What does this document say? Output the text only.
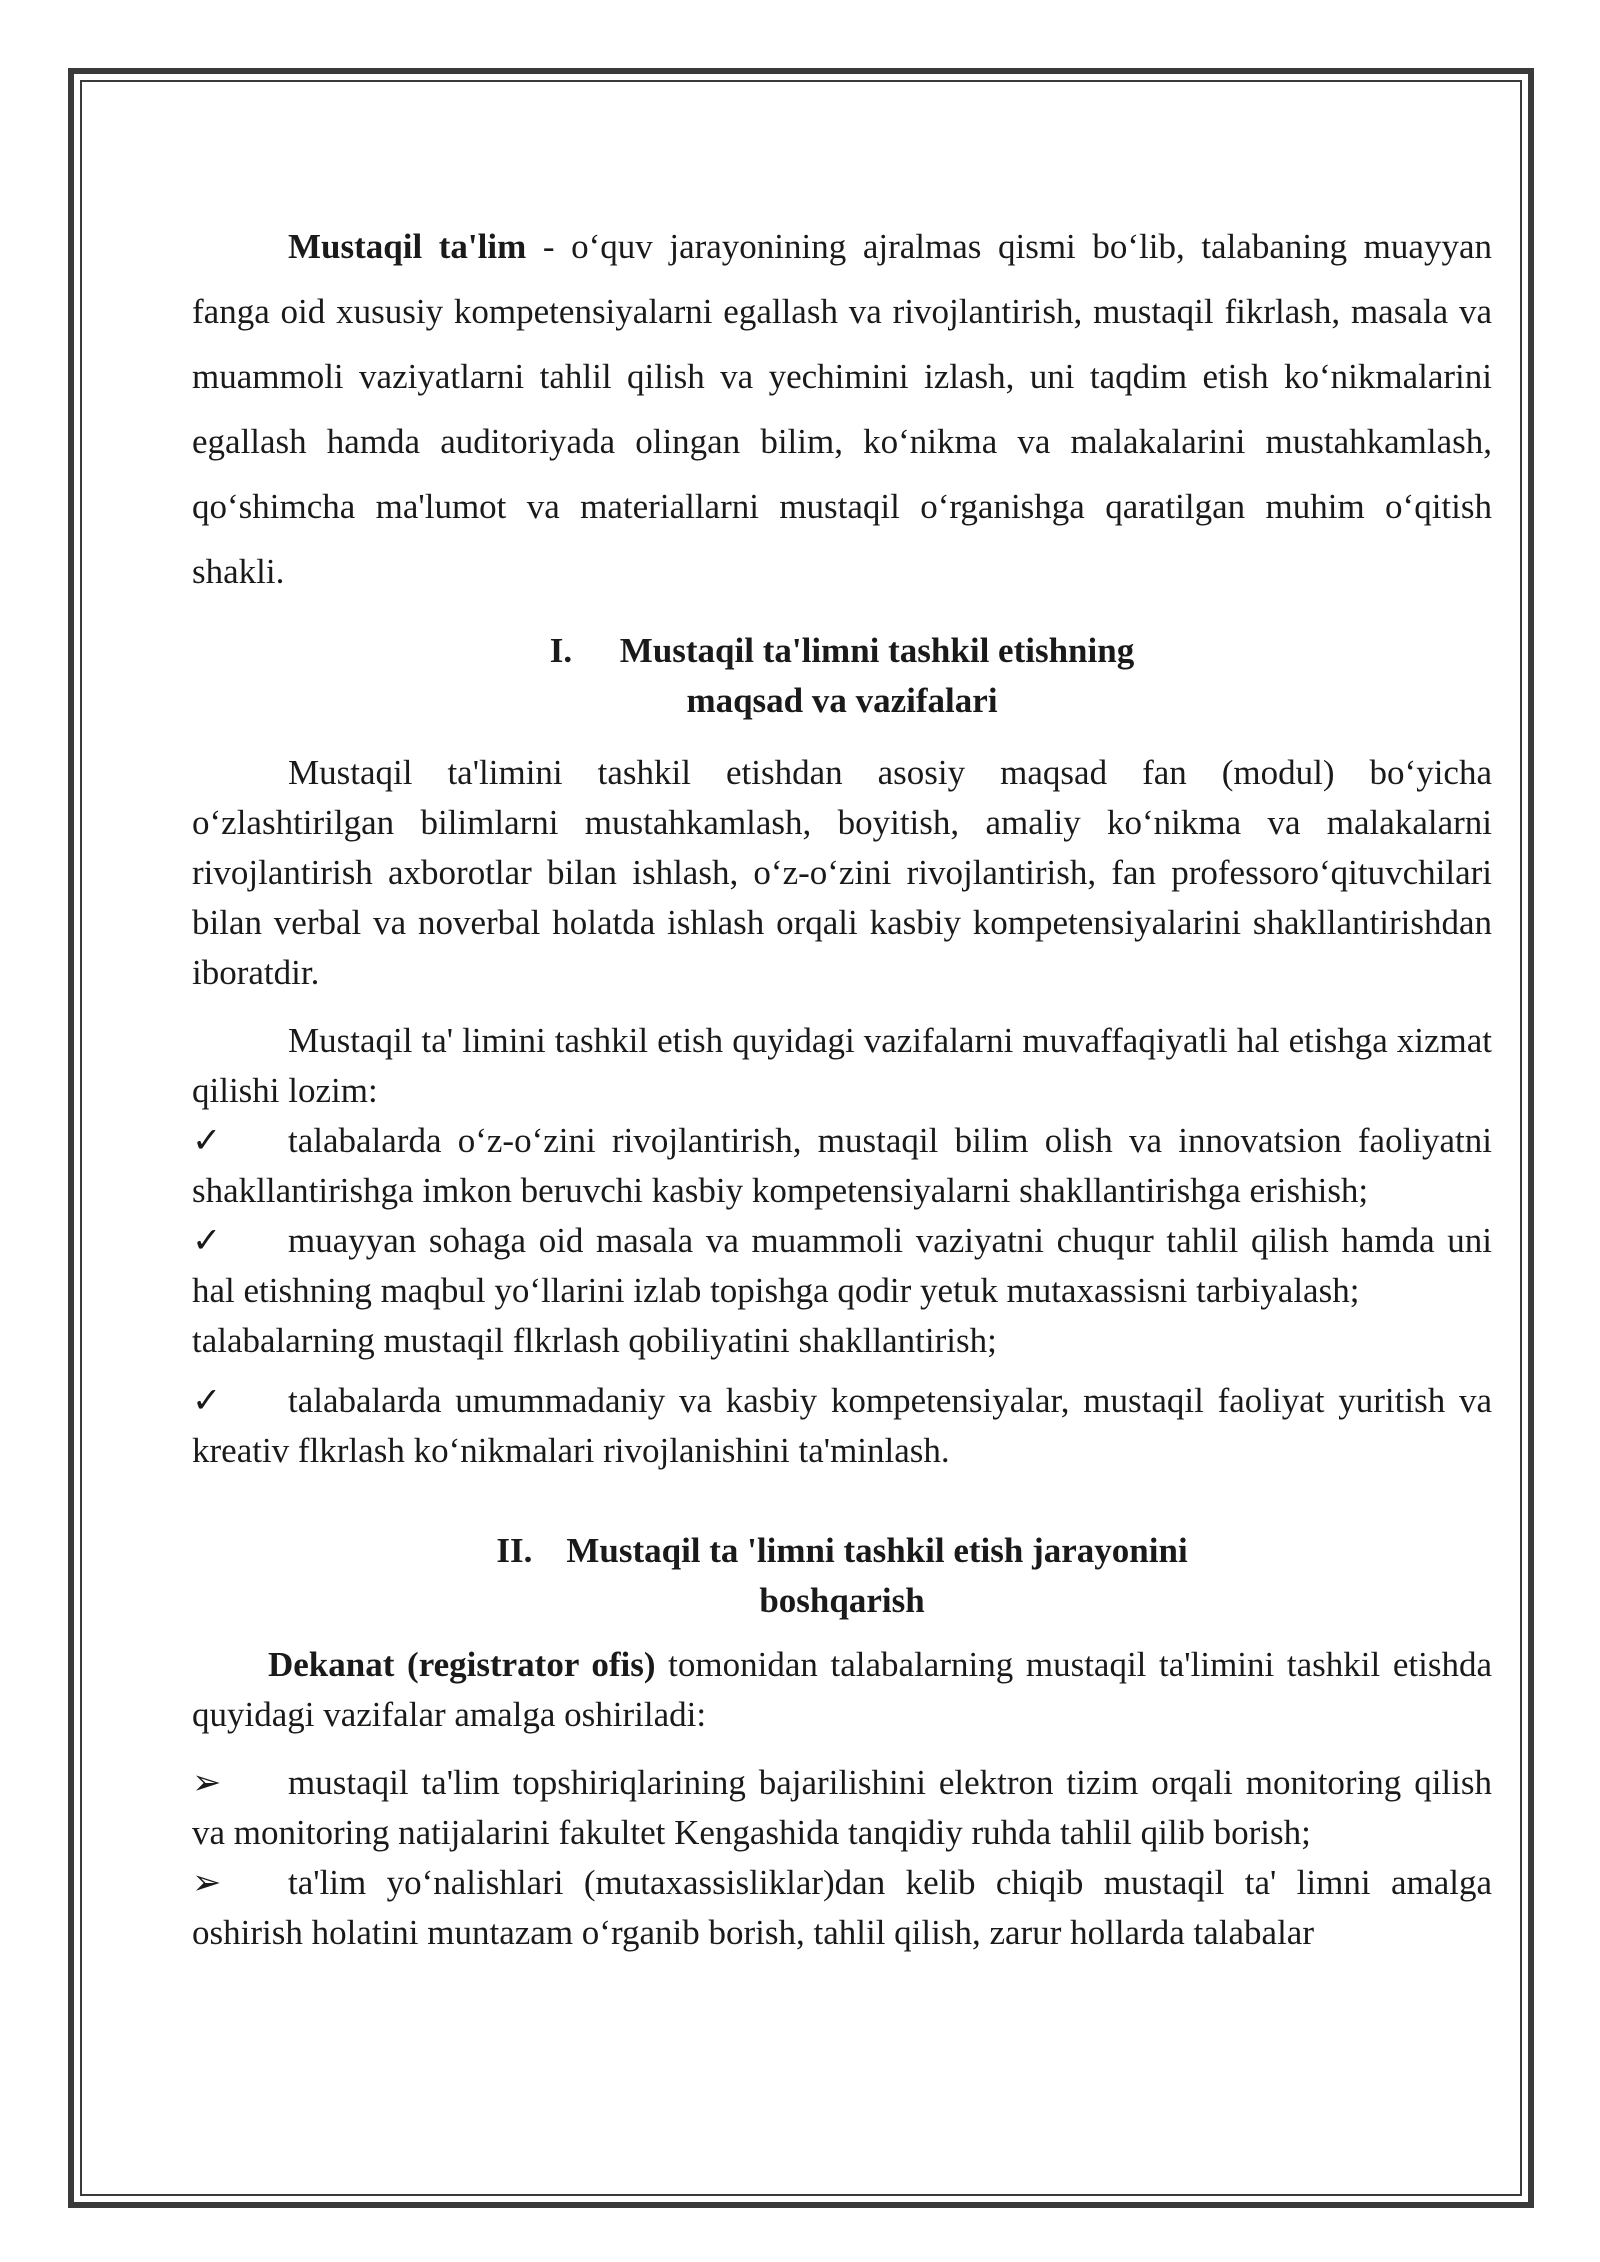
Mustaqil ta'lim - o‘quv jarayonining ajralmas qismi bo‘lib, talabaning muayyan fanga oid xususiy kompetensiyalarni egallash va rivojlantirish, mustaqil fikrlash, masala va muammoli vaziyatlarni tahlil qilish va yechimini izlash, uni taqdim etish ko‘nikmalarini egallash hamda auditoriyada olingan bilim, ko‘nikma va malakalarini mustahkamlash, qo‘shimcha ma'lumot va materiallarni mustaqil o‘rganishga qaratilgan muhim o‘qitish shakli.

I. Mustaqil ta'limni tashkil etishning
maqsad va vazifalari

Mustaqil ta'limini tashkil etishdan asosiy maqsad fan (modul) bo‘yicha o‘zlashtirilgan bilimlarni mustahkamlash, boyitish, amaliy ko‘nikma va malakalarni rivojlantirish axborotlar bilan ishlash, o‘z-o‘zini rivojlantirish, fan professoro‘qituvchilari bilan verbal va noverbal holatda ishlash orqali kasbiy kompetensiyalarini shakllantirishdan iboratdir.

Mustaqil ta' limini tashkil etish quyidagi vazifalarni muvaffaqiyatli hal etishga xizmat qilishi lozim:

✓	talabalarda o‘z-o‘zini rivojlantirish, mustaqil bilim olish va innovatsion faoliyatni shakllantirishga imkon beruvchi kasbiy kompetensiyalarni shakllantirishga erishish;
✓	muayyan sohaga oid masala va muammoli vaziyatni chuqur tahlil qilish hamda uni hal etishning maqbul yo‘llarini izlab topishga qodir yetuk mutaxassisni tarbiyalash;
talabalarning mustaqil flkrlash qobiliyatini shakllantirish;
✓	talabalarda umummadaniy va kasbiy kompetensiyalar, mustaqil faoliyat yuritish va kreativ flkrlash ko‘nikmalari rivojlanishini ta'minlash.
II. Mustaqil ta 'limni tashkil etish jarayonini
boshqarish

Dekanat (registrator ofis) tomonidan talabalarning mustaqil ta'limini tashkil etishda quyidagi vazifalar amalga oshiriladi:

➢	mustaqil ta'lim topshiriqlarining bajarilishini elektron tizim orqali monitoring qilish va monitoring natijalarini fakultet Kengashida tanqidiy ruhda tahlil qilib borish;
➢	ta'lim yo‘nalishlari (mutaxassisliklar)dan kelib chiqib mustaqil ta' limni amalga oshirish holatini muntazam o‘rganib borish, tahlil qilish, zarur hollarda talabalar
